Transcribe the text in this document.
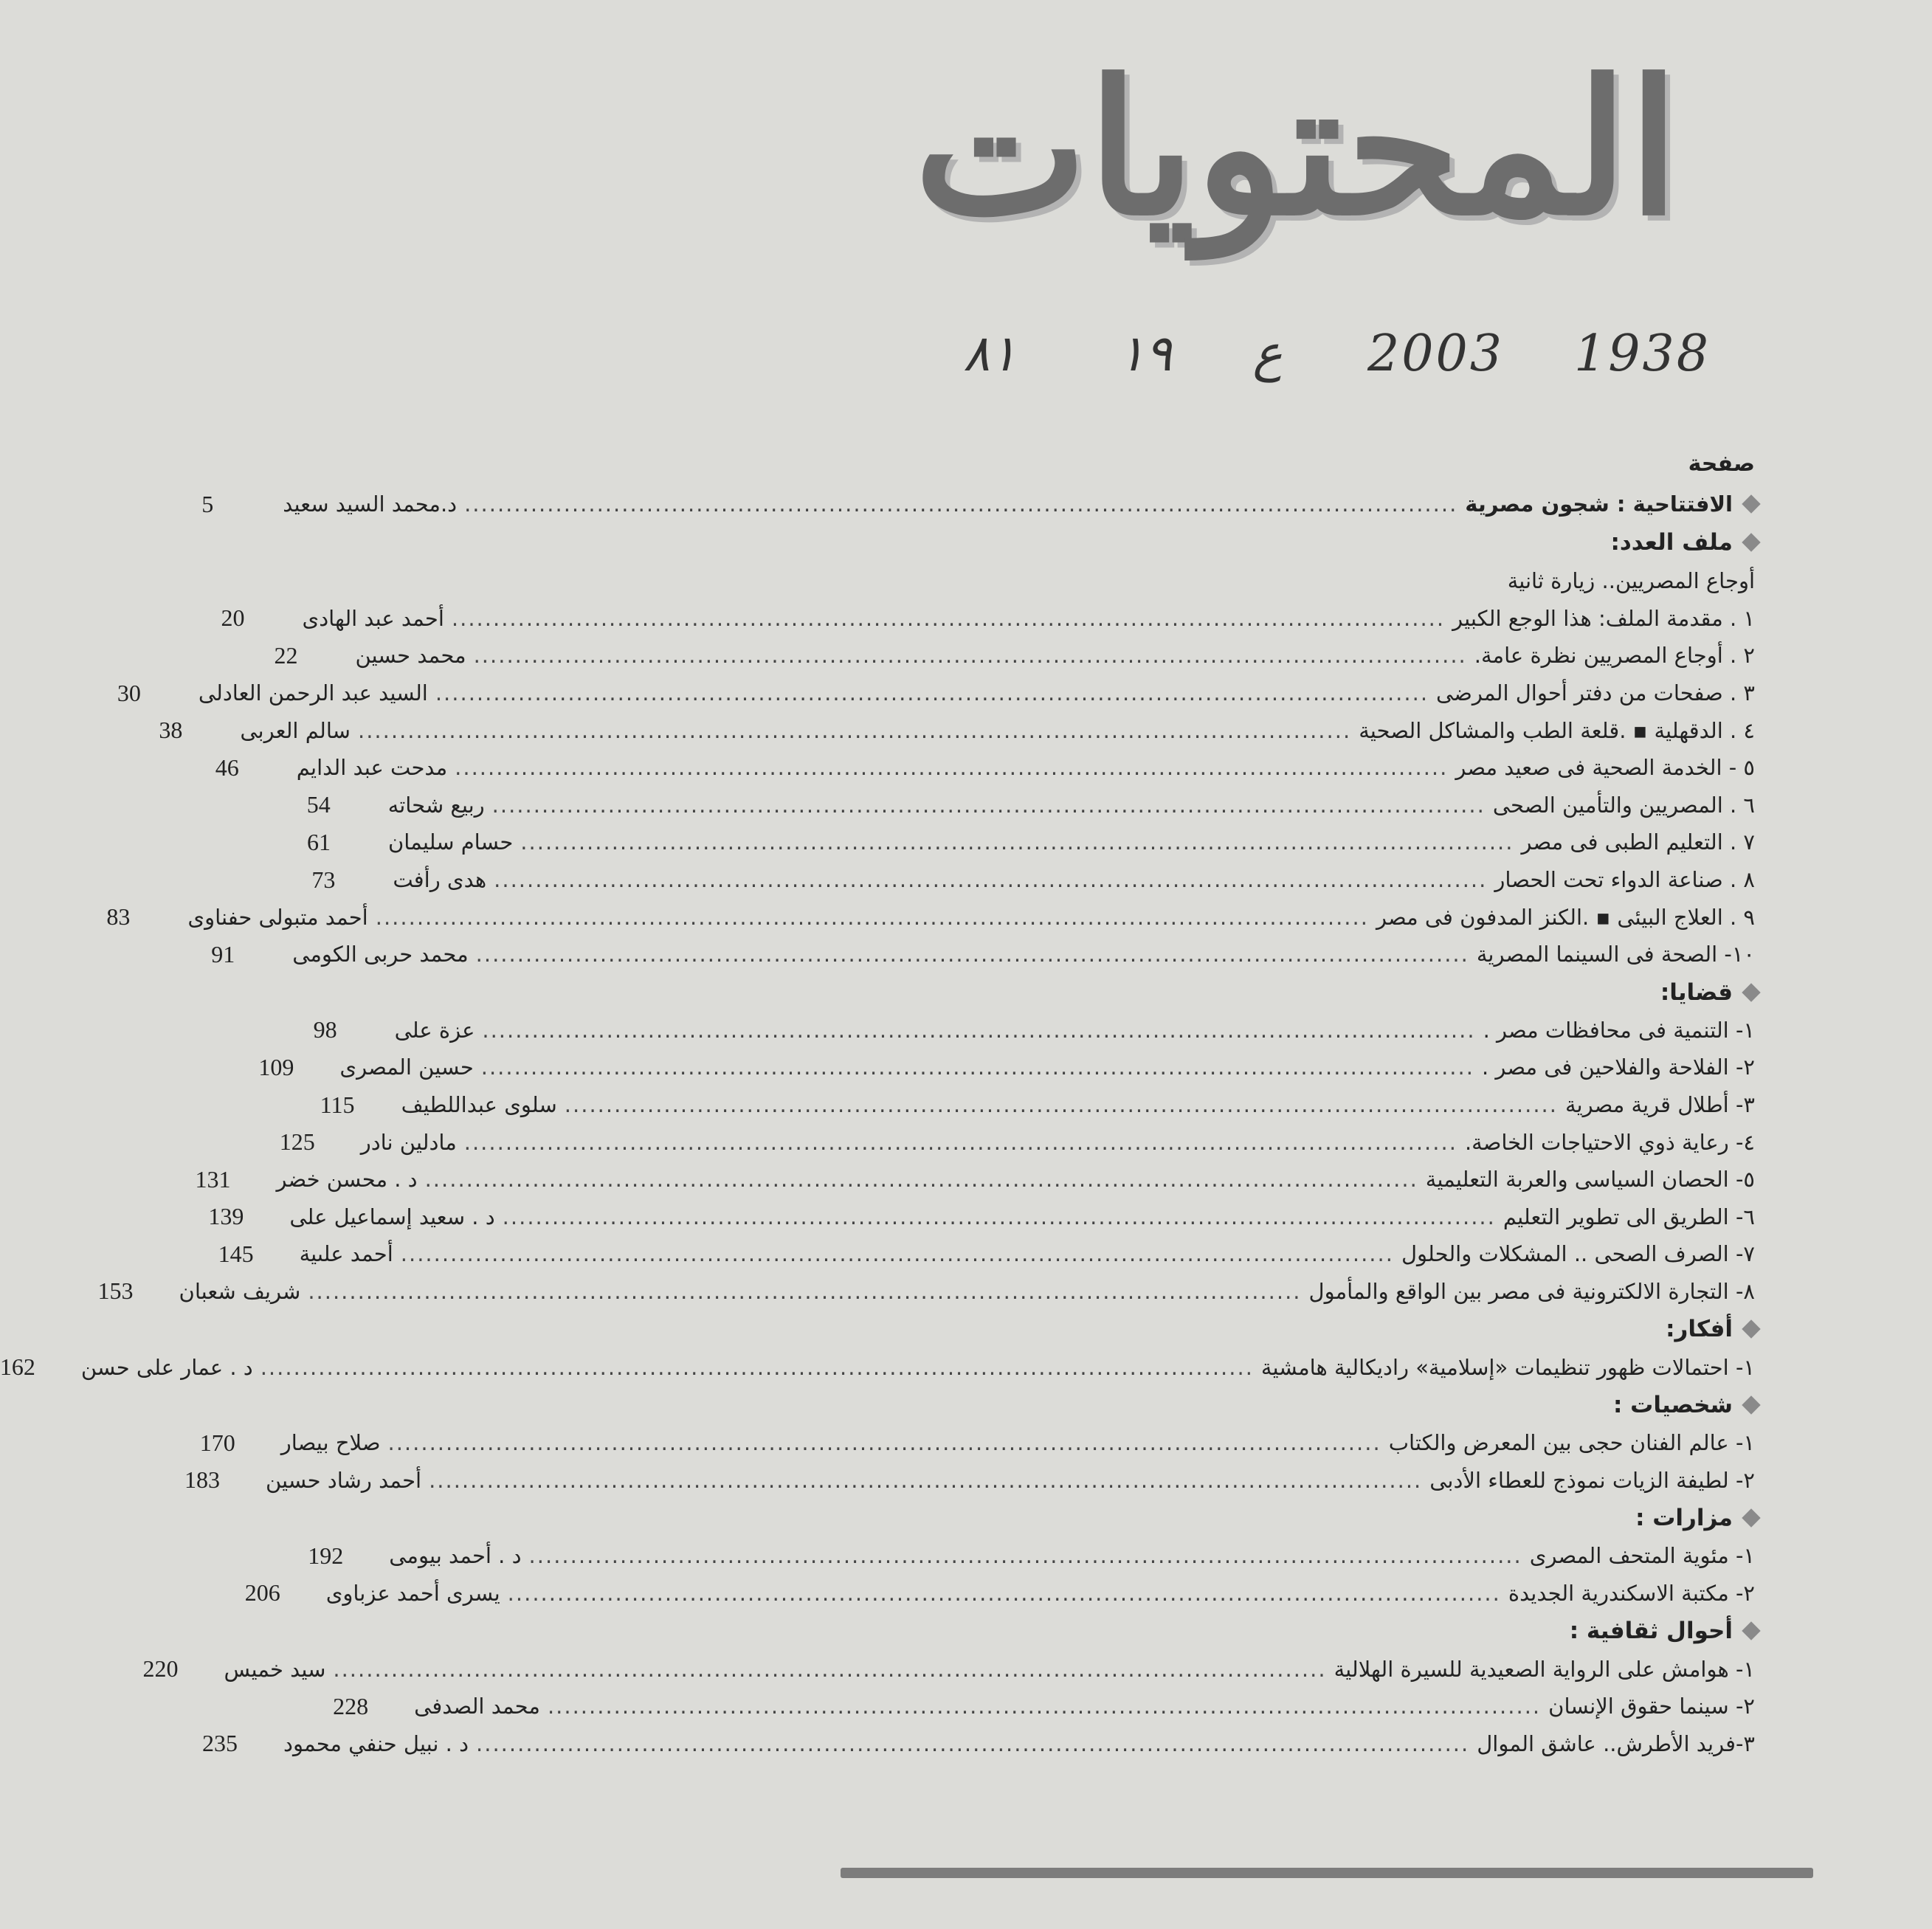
المحتويات
٨١ ١٩ ع 2003 1938
صفحة
الافتتاحية : شجون مصرية
........................................................................................................................
د.محمد السيد سعيد
5
ملف العدد:
أوجاع المصريين.. زيارة ثانية
١ . مقدمة الملف: هذا الوجع الكبير
........................................................................................................................
أحمد عبد الهادى
20
٢ . أوجاع المصريين نظرة عامة.
........................................................................................................................
محمد حسين
22
٣ . صفحات من دفتر أحوال المرضى
........................................................................................................................
السيد عبد الرحمن العادلى
30
٤ . الدقهلية ▪ .قلعة الطب والمشاكل الصحية
........................................................................................................................
سالم العربى
38
٥ - الخدمة الصحية فى صعيد مصر
........................................................................................................................
مدحت عبد الدايم
46
٦ . المصريين والتأمين الصحى
........................................................................................................................
ربيع شحاته
54
٧ . التعليم الطبى فى مصر
........................................................................................................................
حسام سليمان
61
٨ . صناعة الدواء تحت الحصار
........................................................................................................................
هدى رأفت
73
٩ . العلاج البيئى ▪ .الكنز المدفون فى مصر
........................................................................................................................
أحمد متبولى حفناوى
83
١٠- الصحة فى السينما المصرية
........................................................................................................................
محمد حربى الكومى
91
قضايا:
١- التنمية فى محافظات مصر .
........................................................................................................................
عزة على
98
٢- الفلاحة والفلاحين فى مصر .
........................................................................................................................
حسين المصرى
109
٣- أطلال قرية مصرية
........................................................................................................................
سلوى عبداللطيف
115
٤- رعاية ذوي الاحتياجات الخاصة.
........................................................................................................................
مادلين نادر
125
٥- الحصان السياسى والعربة التعليمية
........................................................................................................................
د . محسن خضر
131
٦- الطريق الى تطوير التعليم
........................................................................................................................
د . سعيد إسماعيل على
139
٧- الصرف الصحى .. المشكلات والحلول
........................................................................................................................
أحمد علىية
145
٨- التجارة الالكترونية فى مصر بين الواقع والمأمول
........................................................................................................................
شريف شعبان
153
أفكار:
١- احتمالات ظهور تنظيمات «إسلامية» راديكالية هامشية
........................................................................................................................
د . عمار على حسن
162
شخصيات :
١- عالم الفنان حجى بين المعرض والكتاب
........................................................................................................................
صلاح بيصار
170
٢- لطيفة الزيات نموذج للعطاء الأدبى
........................................................................................................................
أحمد رشاد حسين
183
مزارات :
١- مئوية المتحف المصرى
........................................................................................................................
د . أحمد بيومى
192
٢- مكتبة الاسكندرية الجديدة
........................................................................................................................
يسرى أحمد عزباوى
206
أحوال ثقافية :
١- هوامش على الرواية الصعيدية للسيرة الهلالية
........................................................................................................................
سيد خميس
220
٢- سينما حقوق الإنسان
........................................................................................................................
محمد الصدفى
228
٣-فريد الأطرش.. عاشق الموال
........................................................................................................................
د . نبيل حنفي محمود
235
